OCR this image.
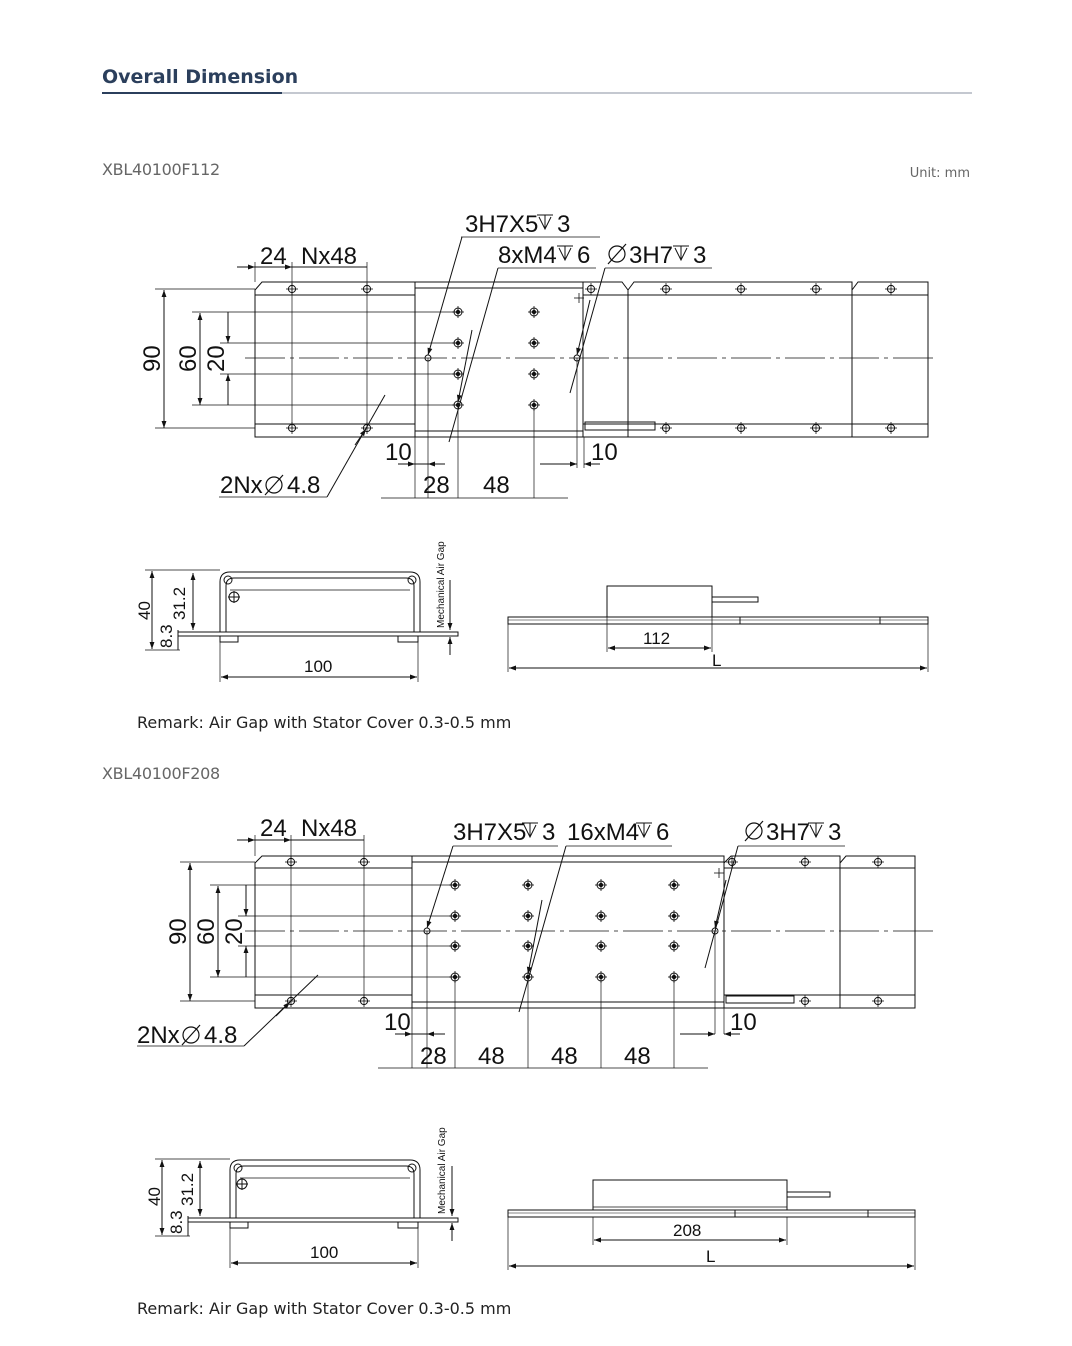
Overall Dimension
XBL40100F112	Unit: mm
Remark: Air Gap with Stator Cover 0.3-0.5 mm
XBL40100F208
Remark: Air Gap with Stator Cover 0.3-0.5 mm
24 Nx48
3H7X5 3
8xM4 6 3H7 3
90 60 20
10	10
28 48
2Nx 4.8
40 31.2
8.3
100
Mechanical Air Gap
112
L
24 Nx48	3H7X5 3 16xM4 6	3H7 3
90 60 20
10	10
28 48 48 48
2Nx 4.8
40 31.2
8.3
100
Mechanical Air Gap
208
L
